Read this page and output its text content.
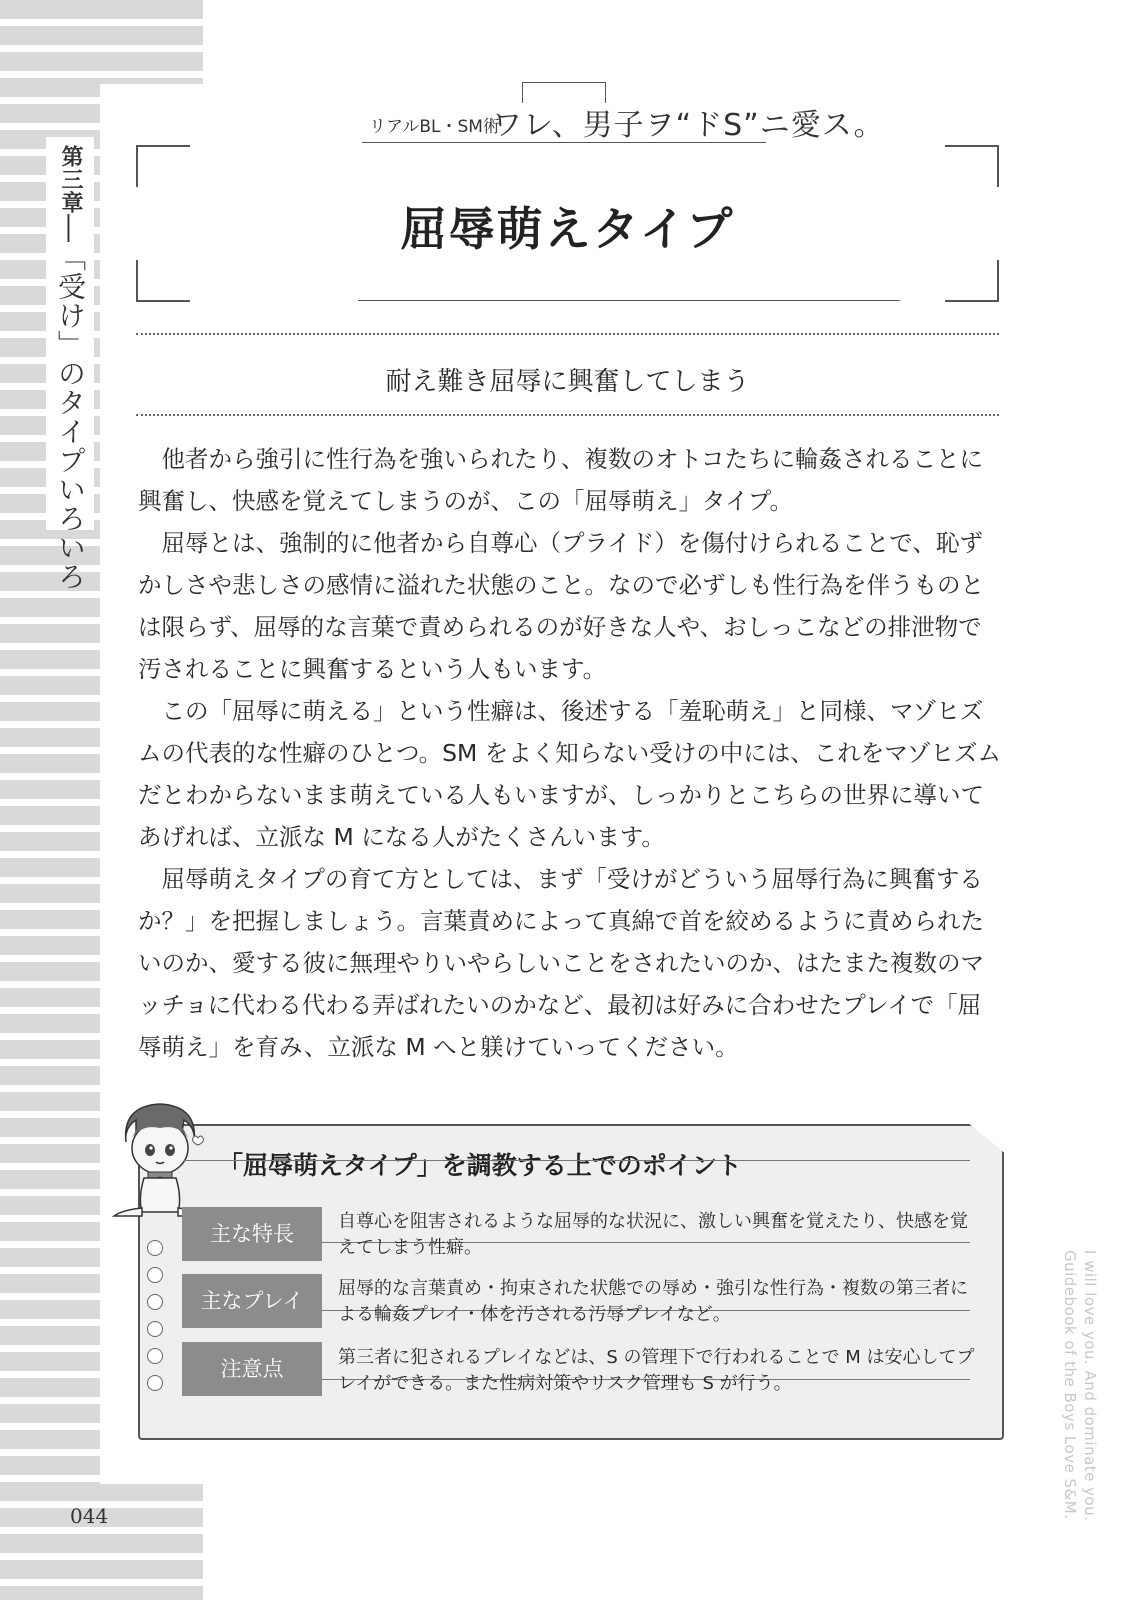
第三章―「受け」のタイプいろいろ
I will love you. And dominate you. Guidebook of the Boys Love S&M.
リアルBL・SM術
ワレ、男子ヲ“ドS”ニ愛ス。
屈辱萌えタイプ
耐え難き屈辱に興奮してしまう

他者から強引に性行為を強いられたり、複数のオトコたちに輪姦されることに興奮し、快感を覚えてしまうのが、この「屈辱萌え」タイプ。

屈辱とは、強制的に他者から自尊心（プライド）を傷付けられることで、恥ずかしさや悲しさの感情に溢れた状態のこと。なので必ずしも性行為を伴うものとは限らず、屈辱的な言葉で責められるのが好きな人や、おしっこなどの排泄物で汚されることに興奮するという人もいます。

この「屈辱に萌える」という性癖は、後述する「羞恥萌え」と同様、マゾヒズムの代表的な性癖のひとつ。SM をよく知らない受けの中には、これをマゾヒズムだとわからないまま萌えている人もいますが、しっかりとこちらの世界に導いてあげれば、立派な M になる人がたくさんいます。

屈辱萌えタイプの育て方としては、まず「受けがどういう屈辱行為に興奮するか？」を把握しましょう。言葉責めによって真綿で首を絞めるように責められたいのか、愛する彼に無理やりいやらしいことをされたいのか、はたまた複数のマッチョに代わる代わる弄ばれたいのかなど、最初は好みに合わせたプレイで「屈辱萌え」を育み、立派な M へと躾けていってください。

「屈辱萌えタイプ」を調教する上でのポイント
主な特長
自尊心を阻害されるような屈辱的な状況に、激しい興奮を覚えたり、快感を覚えてしまう性癖。
主なプレイ
屈辱的な言葉責め・拘束された状態での辱め・強引な性行為・複数の第三者による輪姦プレイ・体を汚される汚辱プレイなど。
注意点	第三者に犯されるプレイなどは、S の管理下で行われることで M は安心してプレイができる。また性病対策やリスク管理も S が行う。
044
